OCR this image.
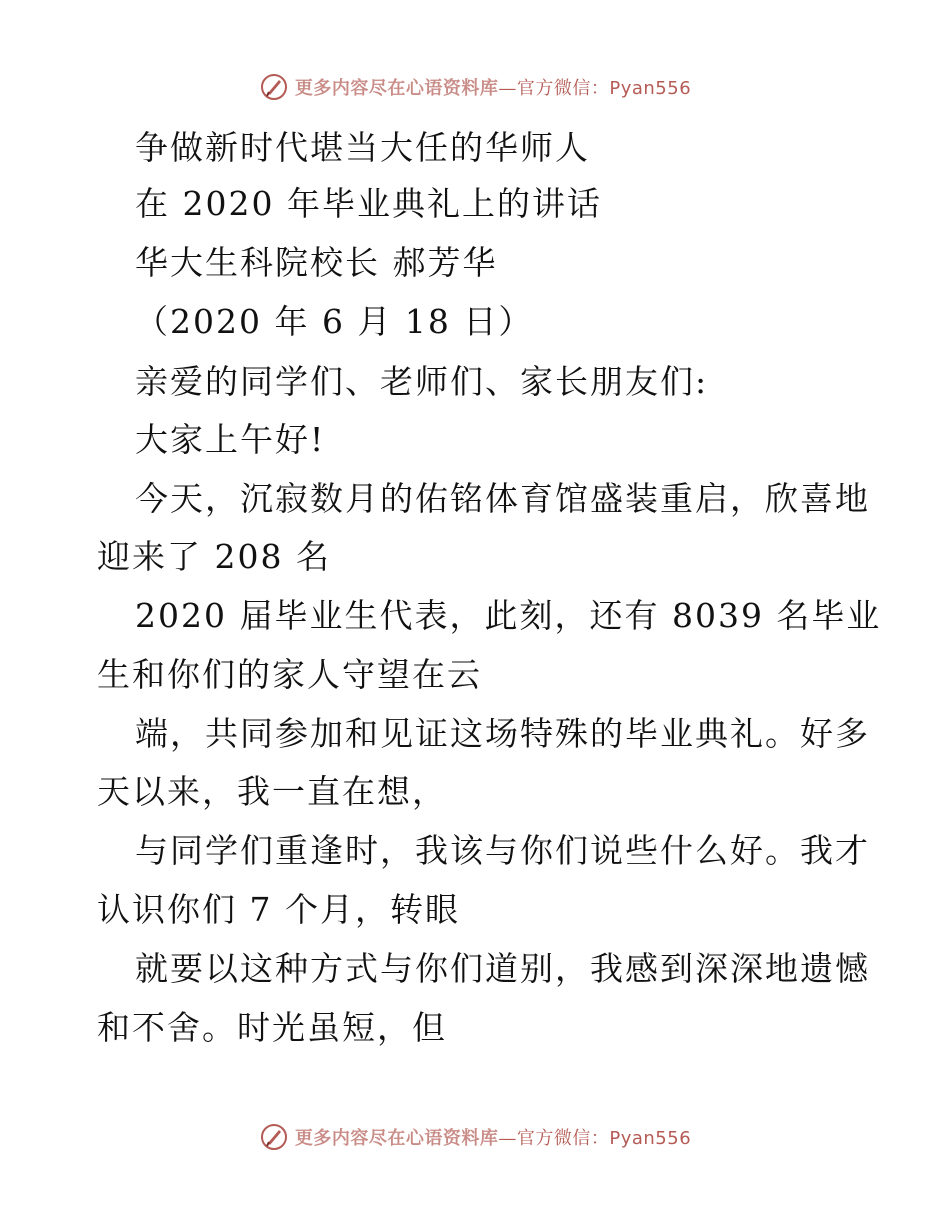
更多内容尽在心语资料库—官方微信：Pyan556
争做新时代堪当大任的华师人
在 2020 年毕业典礼上的讲话
华大生科院校长 郝芳华
（2020 年 6 月 18 日）
亲爱的同学们、老师们、家长朋友们:
大家上午好!
今天，沉寂数月的佑铭体育馆盛装重启，欣喜地
迎来了 208 名
2020 届毕业生代表，此刻，还有 8039 名毕业
生和你们的家人守望在云
端，共同参加和见证这场特殊的毕业典礼。好多
天以来，我一直在想，
与同学们重逢时，我该与你们说些什么好。我才
认识你们 7 个月，转眼
就要以这种方式与你们道别，我感到深深地遗憾
和不舍。时光虽短，但
更多内容尽在心语资料库—官方微信：Pyan556
